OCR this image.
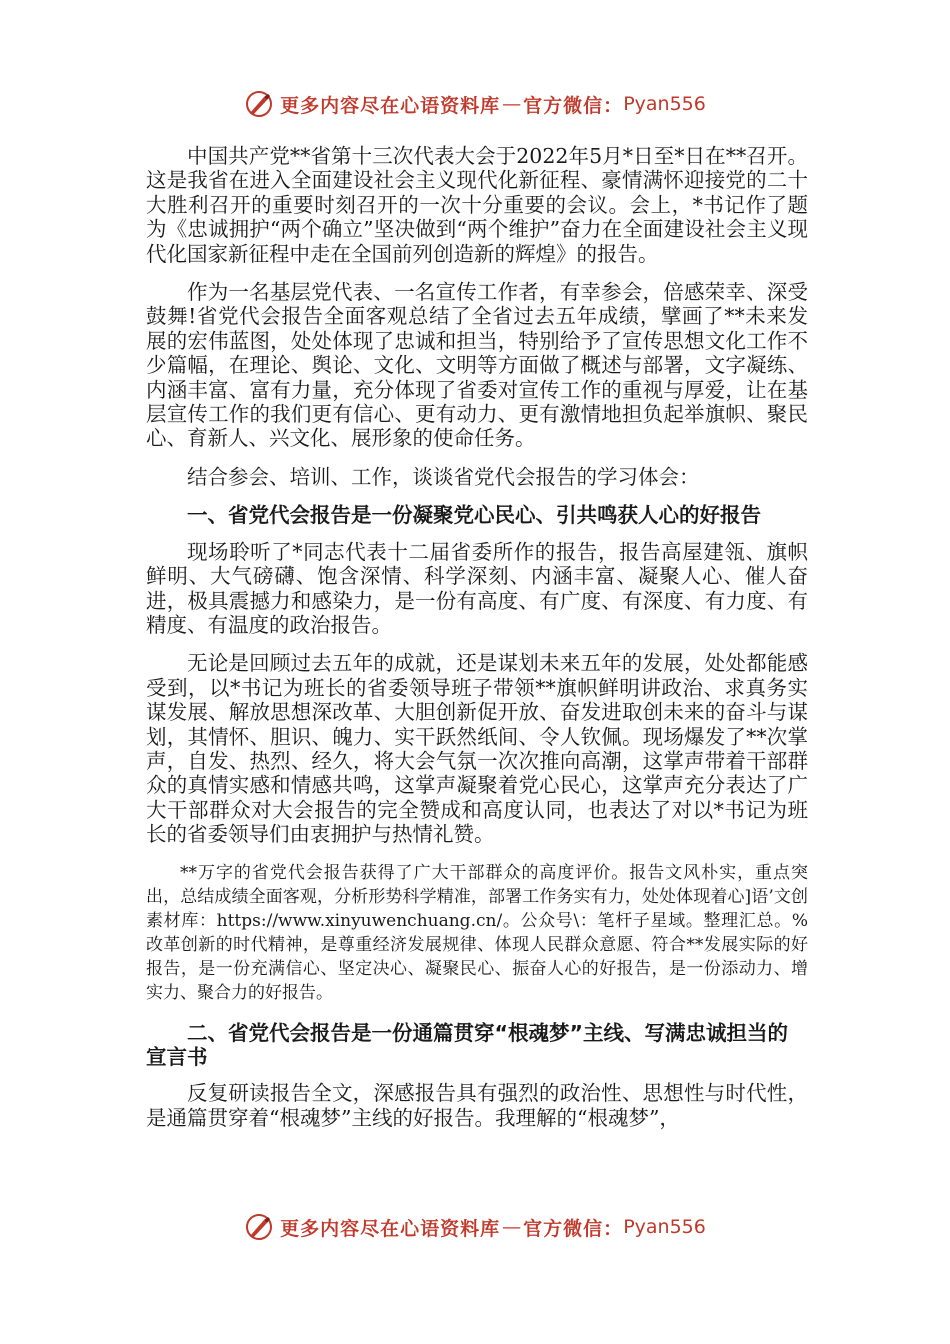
更多内容尽在心语资料库 — 官方微信： Pyan556

中国共产党**省第十三次代表大会于2022年5月*日至*日在**召开。这是我省在进入全面建设社会主义现代化新征程、豪情满怀迎接党的二十大胜利召开的重要时刻召开的一次十分重要的会议。会上，*书记作了题为《忠诚拥护“两个确立”坚决做到“两个维护”奋力在全面建设社会主义现代化国家新征程中走在全国前列创造新的辉煌》的报告。

作为一名基层党代表、一名宣传工作者，有幸参会，倍感荣幸、深受鼓舞!省党代会报告全面客观总结了全省过去五年成绩，擘画了**未来发展的宏伟蓝图，处处体现了忠诚和担当，特别给予了宣传思想文化工作不少篇幅，在理论、舆论、文化、文明等方面做了概述与部署，文字凝练、内涵丰富、富有力量，充分体现了省委对宣传工作的重视与厚爱，让在基层宣传工作的我们更有信心、更有动力、更有激情地担负起举旗帜、聚民心、育新人、兴文化、展形象的使命任务。

结合参会、培训、工作，谈谈省党代会报告的学习体会：

一、省党代会报告是一份凝聚党心民心、引共鸣获人心的好报告

现场聆听了*同志代表十二届省委所作的报告，报告高屋建瓴、旗帜鲜明、大气磅礴、饱含深情、科学深刻、内涵丰富、凝聚人心、催人奋进，极具震撼力和感染力，是一份有高度、有广度、有深度、有力度、有精度、有温度的政治报告。

无论是回顾过去五年的成就，还是谋划未来五年的发展，处处都能感受到，以*书记为班长的省委领导班子带领**旗帜鲜明讲政治、求真务实谋发展、解放思想深改革、大胆创新促开放、奋发进取创未来的奋斗与谋划，其情怀、胆识、魄力、实干跃然纸间、令人钦佩。现场爆发了**次掌声，自发、热烈、经久，将大会气氛一次次推向高潮，这掌声带着干部群众的真情实感和情感共鸣，这掌声凝聚着党心民心，这掌声充分表达了广大干部群众对大会报告的完全赞成和高度认同，也表达了对以*书记为班长的省委领导们由衷拥护与热情礼赞。

**万字的省党代会报告获得了广大干部群众的高度评价。报告文风朴实，重点突出，总结成绩全面客观，分析形势科学精准，部署工作务实有力，处处体现着心]语’文创素材库：https://www.xinyuwenchuang.cn/。公众号\：笔杆子星域。整理汇总。%改革创新的时代精神，是尊重经济发展规律、体现人民群众意愿、符合**发展实际的好报告，是一份充满信心、坚定决心、凝聚民心、振奋人心的好报告，是一份添动力、增实力、聚合力的好报告。

二、省党代会报告是一份通篇贯穿“根魂梦”主线、写满忠诚担当的宣言书

反复研读报告全文，深感报告具有强烈的政治性、思想性与时代性，是通篇贯穿着“根魂梦”主线的好报告。我理解的“根魂梦”，

更多内容尽在心语资料库 — 官方微信： Pyan556
